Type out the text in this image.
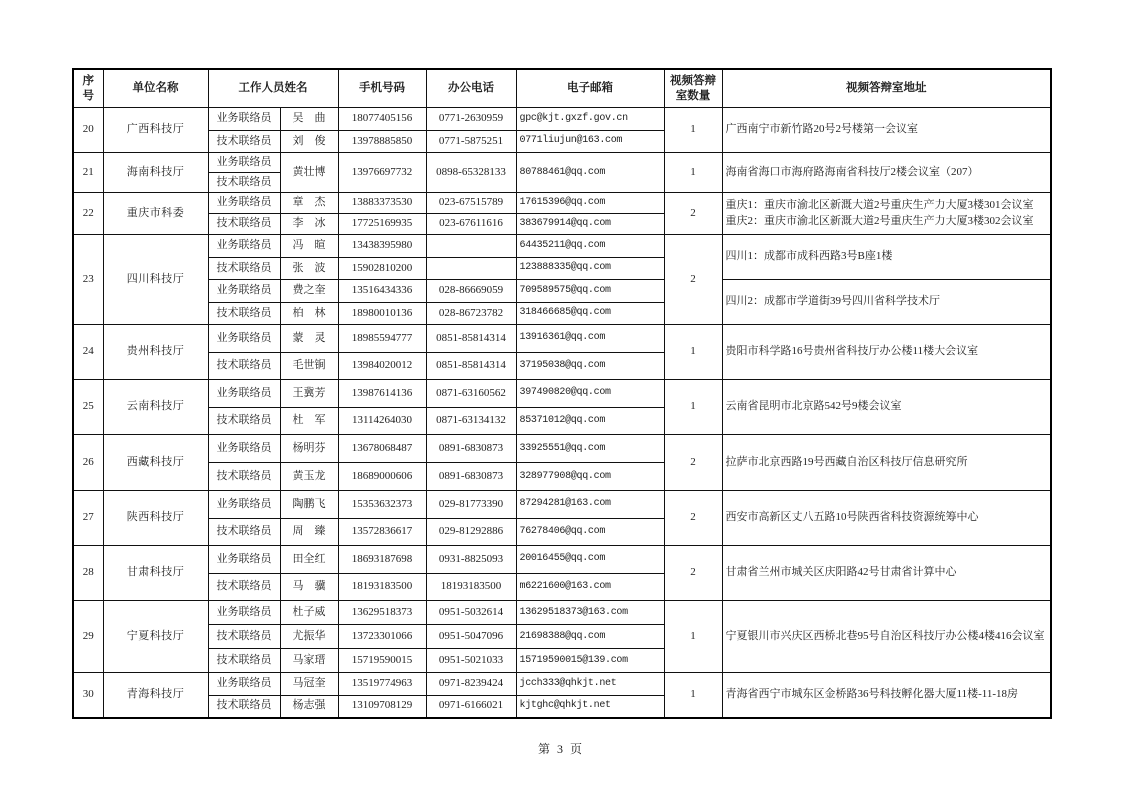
序号	单位名称	工作人员姓名		手机号码	办公电话	电子邮箱	视频答辩室数量	视频答辩室地址
20	广西科技厅	业务联络员	吴　曲	18077405156	0771-2630959	gpc@kjt.gxzf.gov.cn	1	广西南宁市新竹路20号2号楼第一会议室
		技术联络员	刘　俊	13978885850	0771-5875251	0771liujun@163.com		
21	海南科技厅	业务联络员	黄壮博	13976697732	0898-65328133	80788461@qq.com	1	海南省海口市海府路海南省科技厅2楼会议室（207）
		技术联络员						
22	重庆市科委	业务联络员	章　杰	13883373530	023-67515789	17615396@qq.com	2	重庆1：重庆市渝北区新溉大道2号重庆生产力大厦3楼301会议室
重庆2：重庆市渝北区新溉大道2号重庆生产力大厦3楼302会议室
		技术联络员	李　冰	17725169935	023-67611616	383679914@qq.com		
23	四川科技厅	业务联络员	冯　暄	13438395980		64435211@qq.com	2	四川1：成都市成科西路3号B座1楼
		技术联络员	张　波	15902810200		123888335@qq.com		
		业务联络员	费之奎	13516434336	028-86669059	709589575@qq.com		四川2：成都市学道街39号四川省科学技术厅
		技术联络员	柏　林	18980010136	028-86723782	318466685@qq.com		
24	贵州科技厅	业务联络员	蒙　灵	18985594777	0851-85814314	13916361@qq.com	1	贵阳市科学路16号贵州省科技厅办公楼11楼大会议室
		技术联络员	毛世锏	13984020012	0851-85814314	37195038@qq.com		
25	云南科技厅	业务联络员	王冀芳	13987614136	0871-63160562	397490820@qq.com	1	云南省昆明市北京路542号9楼会议室
		技术联络员	杜　军	13114264030	0871-63134132	85371012@qq.com		
26	西藏科技厅	业务联络员	杨明芬	13678068487	0891-6830873	33925551@qq.com	2	拉萨市北京西路19号西藏自治区科技厅信息研究所
		技术联络员	黄玉龙	18689000606	0891-6830873	328977908@qq.com		
27	陕西科技厅	业务联络员	陶鹏飞	15353632373	029-81773390	87294281@163.com	2	西安市高新区丈八五路10号陕西省科技资源统筹中心
		技术联络员	周　臻	13572836617	029-81292886	76278406@qq.com		
28	甘肃科技厅	业务联络员	田全红	18693187698	0931-8825093	20016455@qq.com	2	甘肃省兰州市城关区庆阳路42号甘肃省计算中心
		技术联络员	马　骥	18193183500	18193183500	m6221600@163.com		
29	宁夏科技厅	业务联络员	杜子威	13629518373	0951-5032614	13629518373@163.com	1	宁夏银川市兴庆区西桥北巷95号自治区科技厅办公楼4楼416会议室
		技术联络员	尤振华	13723301066	0951-5047096	21698388@qq.com		
		技术联络员	马家瑨	15719590015	0951-5021033	15719590015@139.com		
30	青海科技厅	业务联络员	马冠奎	13519774963	0971-8239424	jcch333@qhkjt.net	1	青海省西宁市城东区金桥路36号科技孵化器大厦11楼-11-18房
		技术联络员	杨志强	13109708129	0971-6166021	kjtghc@qhkjt.net		
第 3 页
